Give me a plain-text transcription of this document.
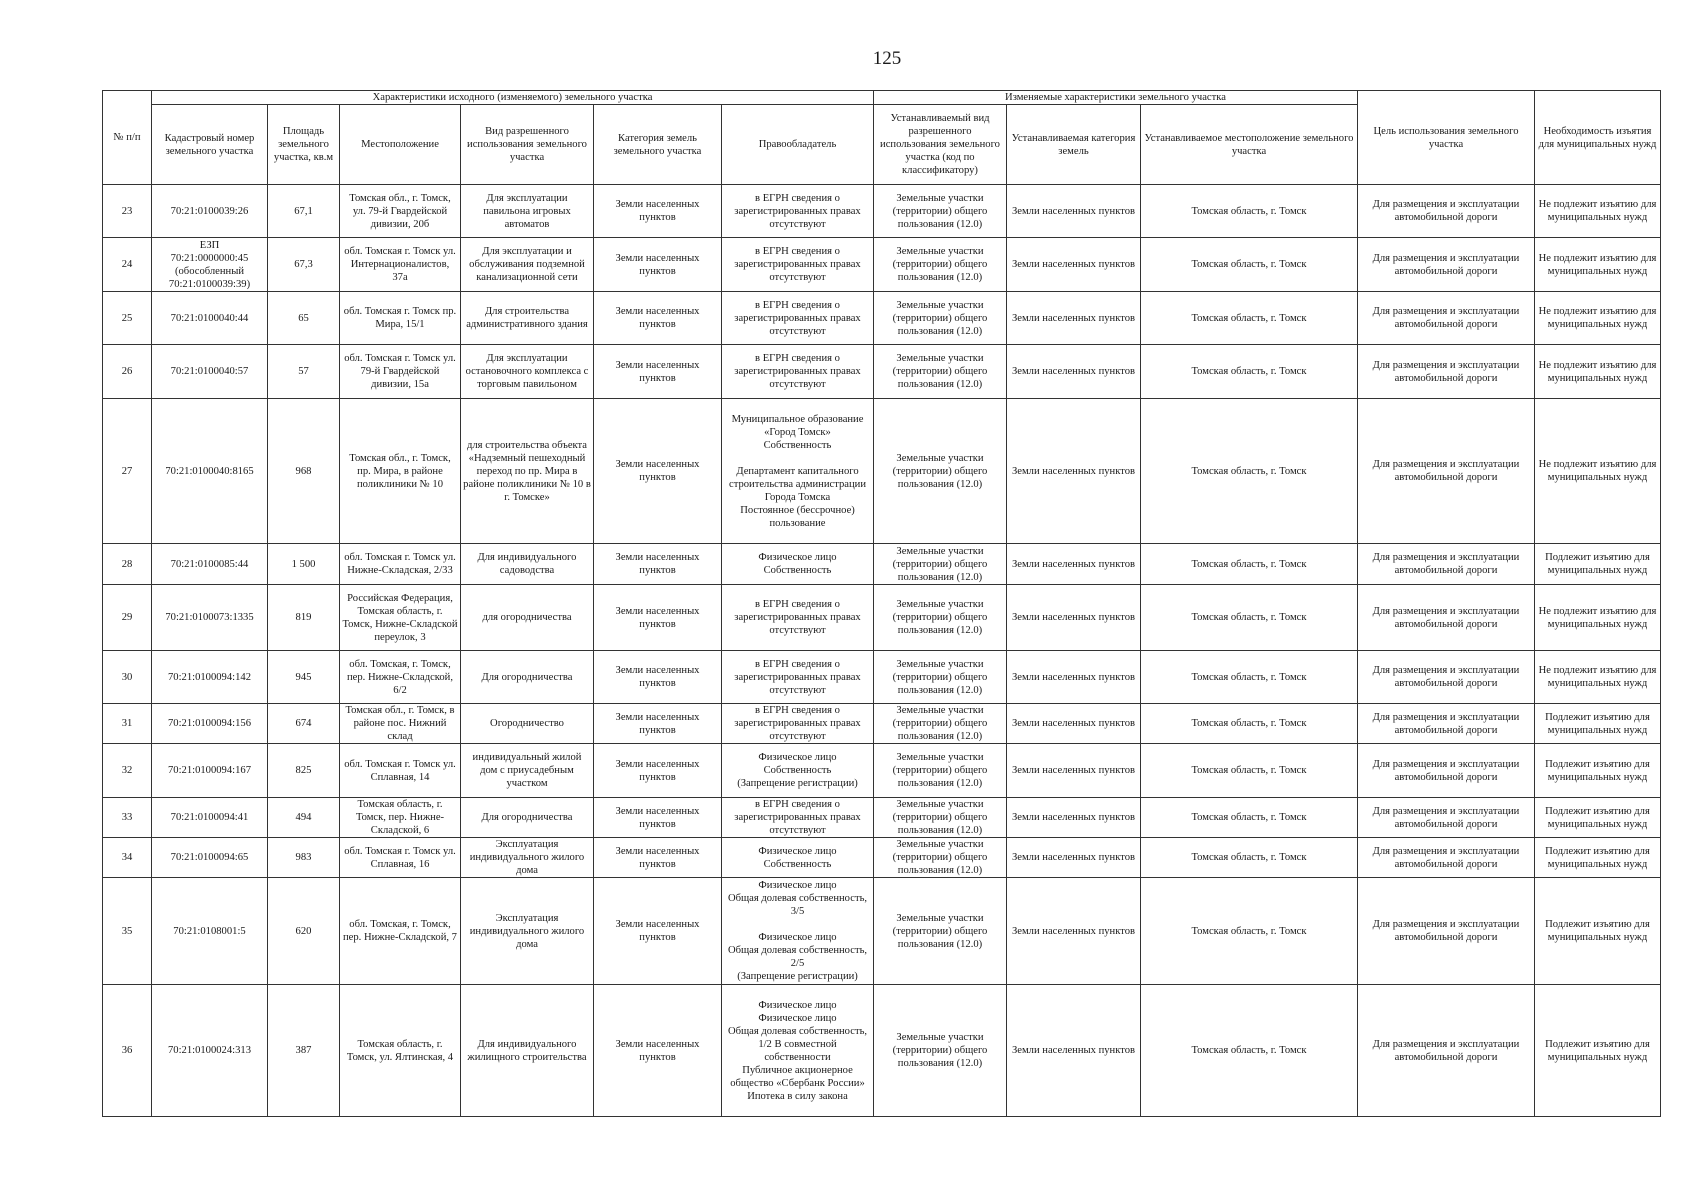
125
№ п/п	Характеристики исходного (изменяемого) земельного участка						Изменяемые характеристики земельного участка			Цель использования земельного участка	Необходимость изъятия для муниципальных нужд
	Кадастровый номер земельного участка	Площадь земельного участка, кв.м	Местоположение	Вид разрешенного использования земельного участка	Категория земель земельного участка	Правообладатель	Устанавливаемый вид разрешенного использования земельного участка (код по классификатору)	Устанавливаемая категория земель	Устанавливаемое местоположение земельного участка		
23	70:21:0100039:26	67,1	Томская обл., г. Томск, ул. 79-й Гвардейской дивизии, 20б	Для эксплуатации павильона игровых автоматов	Земли населенных пунктов	в ЕГРН сведения о зарегистрированных правах отсутствуют	Земельные участки (территории) общего пользования (12.0)	Земли населенных пунктов	Томская область, г. Томск	Для размещения и эксплуатации автомобильной дороги	Не подлежит изъятию для муниципальных нужд
24	ЕЗП
70:21:0000000:45
(обособленный
70:21:0100039:39)	67,3	обл. Томская г. Томск ул. Интернационалистов, 37а	Для эксплуатации и обслуживания подземной канализационной сети	Земли населенных пунктов	в ЕГРН сведения о зарегистрированных правах отсутствуют	Земельные участки (территории) общего пользования (12.0)	Земли населенных пунктов	Томская область, г. Томск	Для размещения и эксплуатации автомобильной дороги	Не подлежит изъятию для муниципальных нужд
25	70:21:0100040:44	65	обл. Томская г. Томск пр. Мира, 15/1	Для строительства административного здания	Земли населенных пунктов	в ЕГРН сведения о зарегистрированных правах отсутствуют	Земельные участки (территории) общего пользования (12.0)	Земли населенных пунктов	Томская область, г. Томск	Для размещения и эксплуатации автомобильной дороги	Не подлежит изъятию для муниципальных нужд
26	70:21:0100040:57	57	обл. Томская г. Томск ул. 79-й Гвардейской дивизии, 15а	Для эксплуатации остановочного комплекса с торговым павильоном	Земли населенных пунктов	в ЕГРН сведения о зарегистрированных правах отсутствуют	Земельные участки (территории) общего пользования (12.0)	Земли населенных пунктов	Томская область, г. Томск	Для размещения и эксплуатации автомобильной дороги	Не подлежит изъятию для муниципальных нужд
27	70:21:0100040:8165	968	Томская обл., г. Томск, пр. Мира, в районе поликлиники № 10	для строительства объекта «Надземный пешеходный переход по пр. Мира в районе поликлиники № 10 в г. Томске»	Земли населенных пунктов	Муниципальное образование «Город Томск»
Собственность

Департамент капитального строительства администрации Города Томска
Постоянное (бессрочное) пользование	Земельные участки (территории) общего пользования (12.0)	Земли населенных пунктов	Томская область, г. Томск	Для размещения и эксплуатации автомобильной дороги	Не подлежит изъятию для муниципальных нужд
28	70:21:0100085:44	1 500	обл. Томская г. Томск ул. Нижне-Складская, 2/33	Для индивидуального садоводства	Земли населенных пунктов	Физическое лицо
Собственность	Земельные участки (территории) общего пользования (12.0)	Земли населенных пунктов	Томская область, г. Томск	Для размещения и эксплуатации автомобильной дороги	Подлежит изъятию для муниципальных нужд
29	70:21:0100073:1335	819	Российская Федерация, Томская область, г. Томск, Нижне-Складской переулок, 3	для огородничества	Земли населенных пунктов	в ЕГРН сведения о зарегистрированных правах отсутствуют	Земельные участки (территории) общего пользования (12.0)	Земли населенных пунктов	Томская область, г. Томск	Для размещения и эксплуатации автомобильной дороги	Не подлежит изъятию для муниципальных нужд
30	70:21:0100094:142	945	обл. Томская, г. Томск, пер. Нижне-Складской, 6/2	Для огородничества	Земли населенных пунктов	в ЕГРН сведения о зарегистрированных правах отсутствуют	Земельные участки (территории) общего пользования (12.0)	Земли населенных пунктов	Томская область, г. Томск	Для размещения и эксплуатации автомобильной дороги	Не подлежит изъятию для муниципальных нужд
31	70:21:0100094:156	674	Томская обл., г. Томск, в районе пос. Нижний склад	Огородничество	Земли населенных пунктов	в ЕГРН сведения о зарегистрированных правах отсутствуют	Земельные участки (территории) общего пользования (12.0)	Земли населенных пунктов	Томская область, г. Томск	Для размещения и эксплуатации автомобильной дороги	Подлежит изъятию для муниципальных нужд
32	70:21:0100094:167	825	обл. Томская г. Томск ул. Сплавная, 14	индивидуальный жилой дом с приусадебным участком	Земли населенных пунктов	Физическое лицо
Собственность
(Запрещение регистрации)	Земельные участки (территории) общего пользования (12.0)	Земли населенных пунктов	Томская область, г. Томск	Для размещения и эксплуатации автомобильной дороги	Подлежит изъятию для муниципальных нужд
33	70:21:0100094:41	494	Томская область, г. Томск, пер. Нижне-Складской, 6	Для огородничества	Земли населенных пунктов	в ЕГРН сведения о зарегистрированных правах отсутствуют	Земельные участки (территории) общего пользования (12.0)	Земли населенных пунктов	Томская область, г. Томск	Для размещения и эксплуатации автомобильной дороги	Подлежит изъятию для муниципальных нужд
34	70:21:0100094:65	983	обл. Томская г. Томск ул. Сплавная, 16	Эксплуатация индивидуального жилого дома	Земли населенных пунктов	Физическое лицо
Собственность	Земельные участки (территории) общего пользования (12.0)	Земли населенных пунктов	Томская область, г. Томск	Для размещения и эксплуатации автомобильной дороги	Подлежит изъятию для муниципальных нужд
35	70:21:0108001:5	620	обл. Томская, г. Томск, пер. Нижне-Складской, 7	Эксплуатация индивидуального жилого дома	Земли населенных пунктов	Физическое лицо
Общая долевая собственность, 3/5

Физическое лицо
Общая долевая собственность, 2/5
(Запрещение регистрации)	Земельные участки (территории) общего пользования (12.0)	Земли населенных пунктов	Томская область, г. Томск	Для размещения и эксплуатации автомобильной дороги	Подлежит изъятию для муниципальных нужд
36	70:21:0100024:313	387	Томская область, г. Томск, ул. Ялтинская, 4	Для индивидуального жилищного строительства	Земли населенных пунктов	Физическое лицо
Физическое лицо
Общая долевая собственность, 1/2 В совместной собственности
Публичное акционерное общество «Сбербанк России»
Ипотека в силу закона	Земельные участки (территории) общего пользования (12.0)	Земли населенных пунктов	Томская область, г. Томск	Для размещения и эксплуатации автомобильной дороги	Подлежит изъятию для муниципальных нужд
